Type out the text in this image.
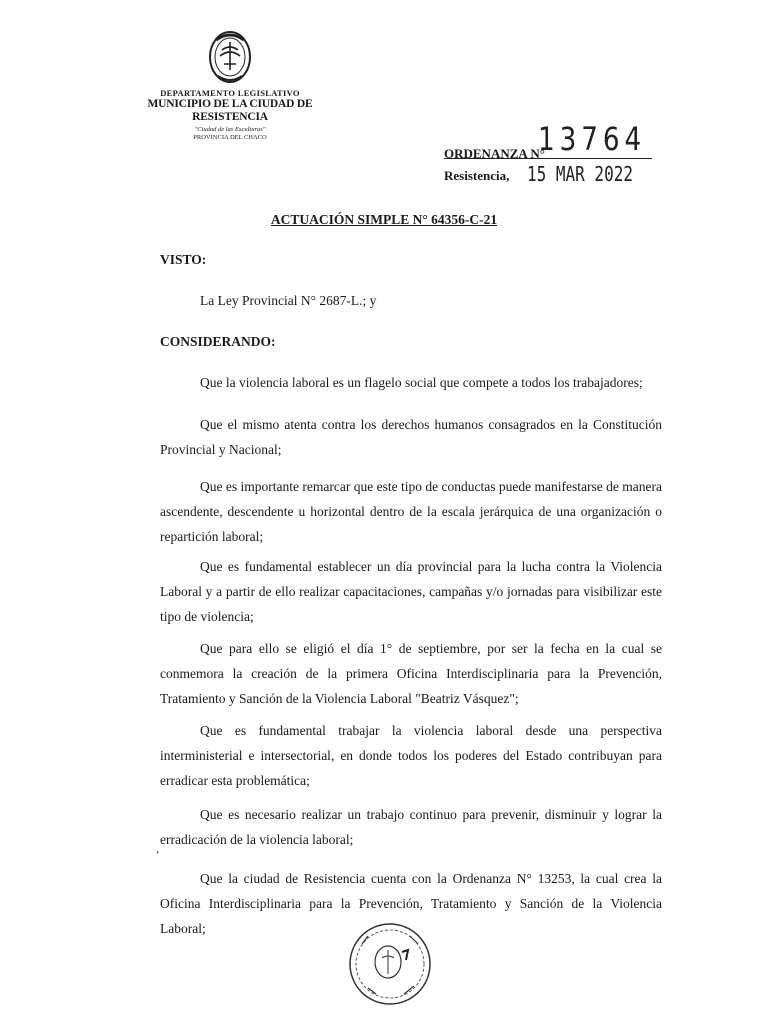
DEPARTAMENTO LEGISLATIVO
MUNICIPIO DE LA CIUDAD DE RESISTENCIA
"Ciudad de las Esculturas"
PROVINCIA DEL CHACO
ORDENANZA N°
13764
Resistencia, 15 MAR 2022
ACTUACIÓN SIMPLE N° 64356-C-21
VISTO:
La Ley Provincial N° 2687-L.; y
CONSIDERANDO:
Que la violencia laboral es un flagelo social que compete a todos los trabajadores;
Que el mismo atenta contra los derechos humanos consagrados en la Constitución Provincial y Nacional;
Que es importante remarcar que este tipo de conductas puede manifestarse de manera ascendente, descendente u horizontal dentro de la escala jerárquica de una organización o repartición laboral;
Que es fundamental establecer un día provincial para la lucha contra la Violencia Laboral y a partir de ello realizar capacitaciones, campañas y/o jornadas para visibilizar este tipo de violencia;
Que para ello se eligió el día 1° de septiembre, por ser la fecha en la cual se conmemora la creación de la primera Oficina Interdisciplinaria para la Prevención, Tratamiento y Sanción de la Violencia Laboral "Beatriz Vásquez";
Que es fundamental trabajar la violencia laboral desde una perspectiva interministerial e intersectorial, en donde todos los poderes del Estado contribuyan para erradicar esta problemática;
Que es necesario realizar un trabajo continuo para prevenir, disminuir y lograr la erradicación de la violencia laboral;
‘
Que la ciudad de Resistencia cuenta con la Ordenanza N° 13253, la cual crea la Oficina Interdisciplinaria para la Prevención, Tratamiento y Sanción de la Violencia Laboral;
